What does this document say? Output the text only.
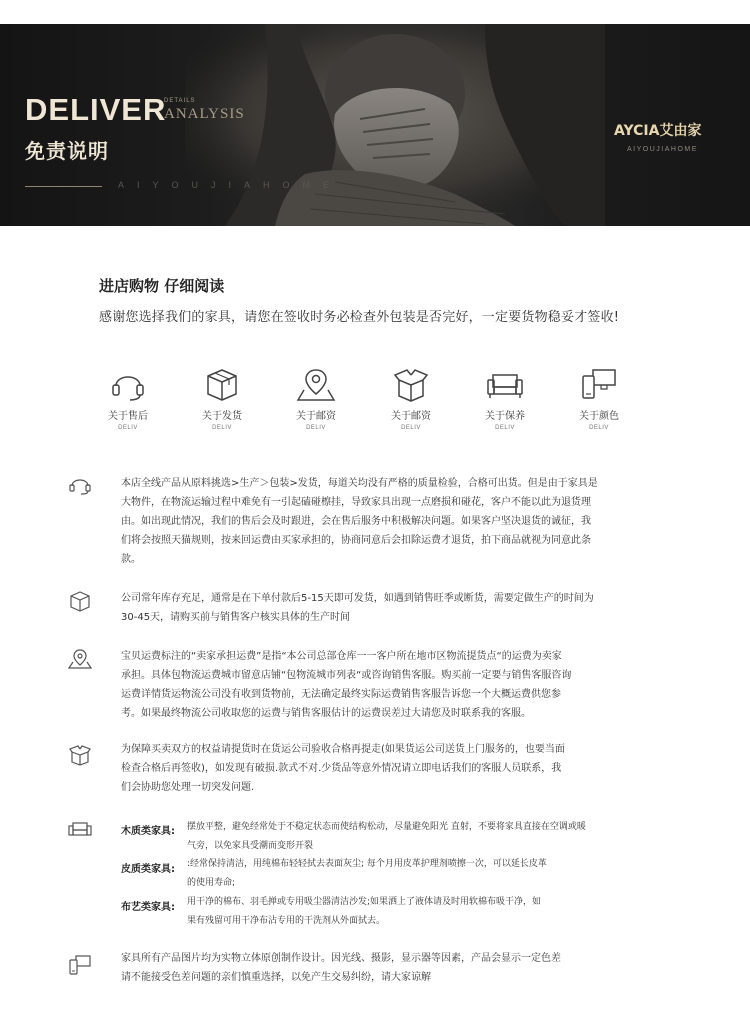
DELIVER
DETAILS
ANALYSIS
免责说明
AIYOUJIAHOME
AYCIA艾由家
AIYOUJIAHOME
进店购物 仔细阅读
感谢您选择我们的家具，请您在签收时务必检查外包装是否完好，一定要货物稳妥才签收!
关于售后
DELIV
关于发货
DELIV
关于邮资
DELIV
关于邮资
DELIV
关于保养
DELIV
关于颜色
DELIV
本店全线产品从原料挑选>生产＞包装>发货，每道关均没有严格的质量检验，合格可出货。但是由于家具是
大物件，在物流运输过程中难免有一引起磕碰檫挂，导致家具出现一点磨损和碰花，客户不能以此为退货理
由。如出现此情况，我们的售后会及时跟进，会在售后服务中积极解决问题。如果客户坚决退货的诚征，我
们将会按照天猫规则，按来回运费由买家承担的，协商同意后会扣除运费才退货，拍下商品就视为同意此条
款。
公司常年库存充足，通常是在下单付款后5-15天即可发货，如遇到销售旺季或断货，需要定做生产的时间为
30-45天，请购买前与销售客户核实具体的生产时间
宝贝运费标注的“卖家承担运费”是指“本公司总部仓库一一客户所在地市区物流提货点“的运费为卖家
承担。具体包物流运费城市留意店铺“包物流城市列表“或咨询销售客服。购买前一定要与销售客服咨询
运费详情货运物流公司没有收到货物前，无法确定最终实际运费销售客服告诉您一个大概运费供您参
考。如果最终物流公司收取您的运费与销售客服估计的运费误差过大请您及时联系我的客服。
为保障买卖双方的权益请提货时在货运公司验收合格再提走(如果货运公司送货上门服务的，也要当面
检查合格后再签收)，如发现有破损.款式不对.少货品等意外情况请立即电话我们的客服人员联系，我
们会协助您处理一切突发问题.
木质类家具: 摆放平整，避免经常处于不稳定状态而使结构松动，尽量避免阳光 直射，不要将家具直接在空调或暖
气旁，以免家具受潮而变形开裂
皮质类家具: :经常保持清洁，用纯棉布轻轻拭去表面灰尘; 每个月用皮革护理剂喷擦一次，可以延长皮革
的使用寿命;
布艺类家具: 用干净的棉布、羽毛掸或专用吸尘器清洁沙发;如果洒上了液体请及时用软棉布吸干净，如
果有残留可用干净布沾专用的干洗剂从外面拭去。
家具所有产品图片均为实物立体原创制作设计。因光线、摄影，显示器等因素，产品会显示一定色差
请不能接受色差问题的亲们慎重选择，以免产生交易纠纷，请大家谅解
